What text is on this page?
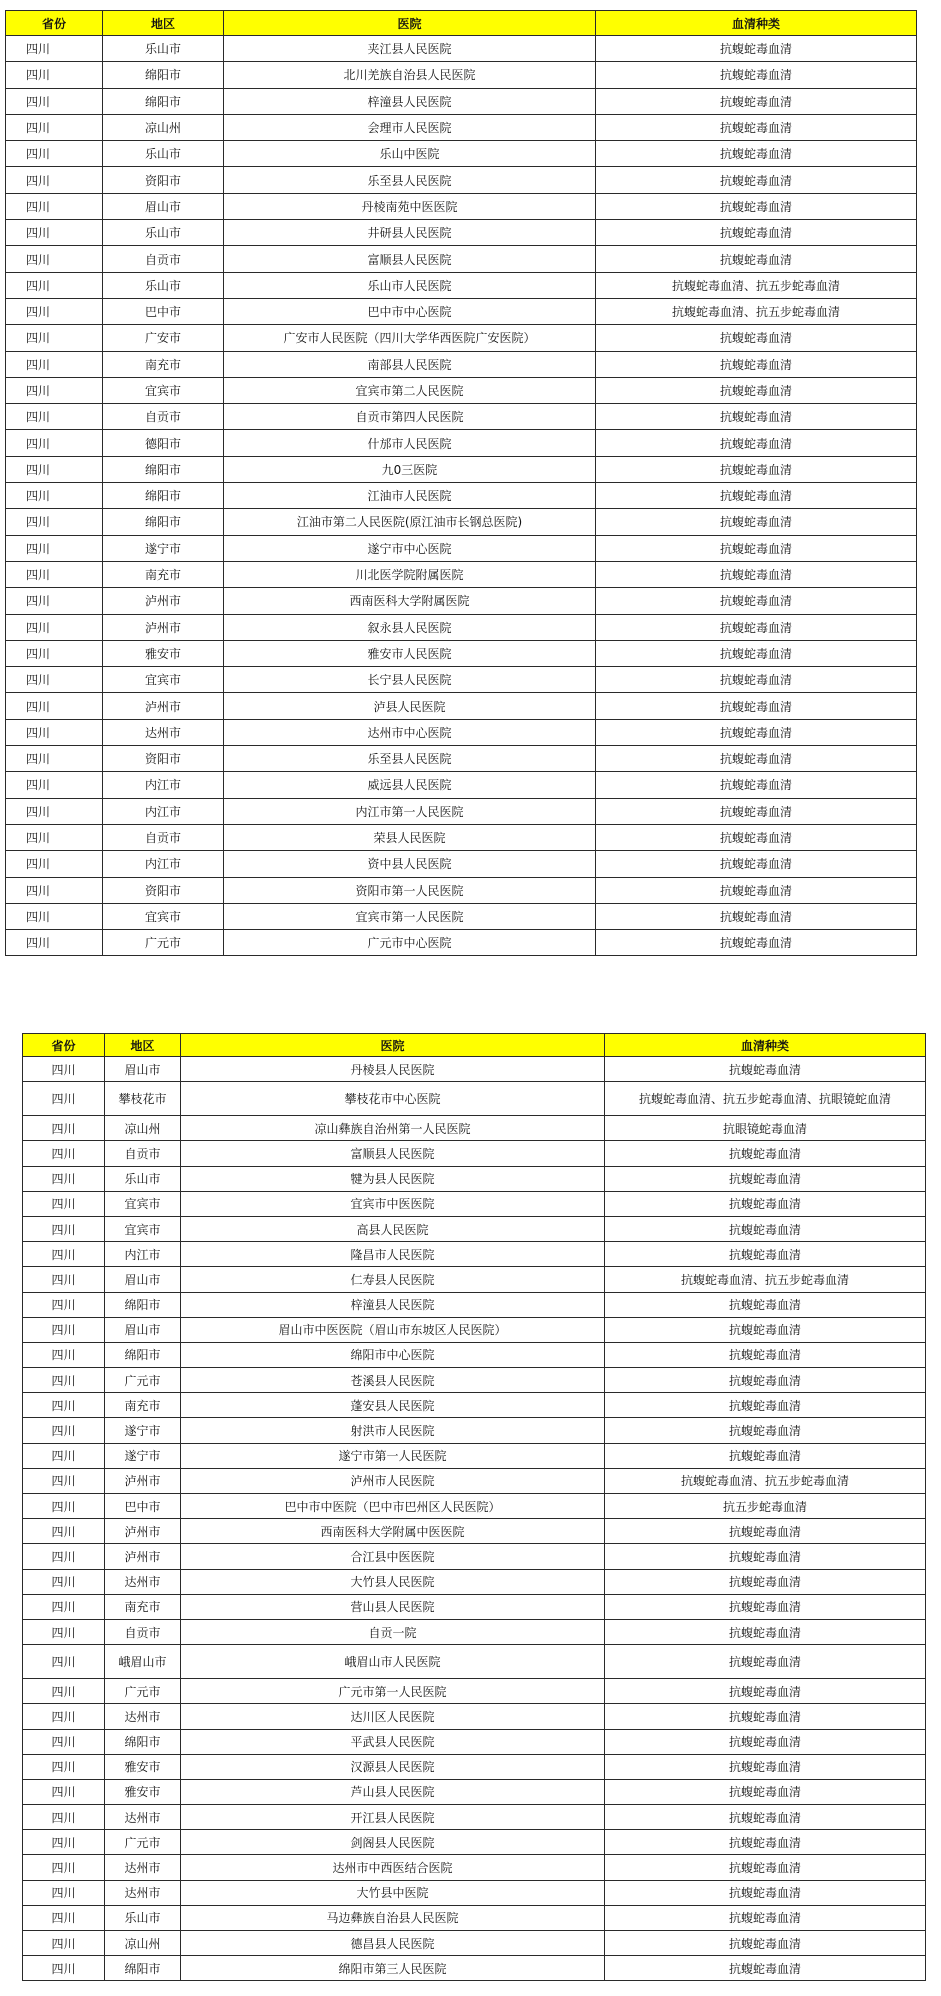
省份	地区	医院	血清种类
四川	乐山市	夹江县人民医院	抗蝮蛇毒血清
四川	绵阳市	北川羌族自治县人民医院	抗蝮蛇毒血清
四川	绵阳市	梓潼县人民医院	抗蝮蛇毒血清
四川	凉山州	会理市人民医院	抗蝮蛇毒血清
四川	乐山市	乐山中医院	抗蝮蛇毒血清
四川	资阳市	乐至县人民医院	抗蝮蛇毒血清
四川	眉山市	丹棱南苑中医医院	抗蝮蛇毒血清
四川	乐山市	井研县人民医院	抗蝮蛇毒血清
四川	自贡市	富顺县人民医院	抗蝮蛇毒血清
四川	乐山市	乐山市人民医院	抗蝮蛇毒血清、抗五步蛇毒血清
四川	巴中市	巴中市中心医院	抗蝮蛇毒血清、抗五步蛇毒血清
四川	广安市	广安市人民医院（四川大学华西医院广安医院）	抗蝮蛇毒血清
四川	南充市	南部县人民医院	抗蝮蛇毒血清
四川	宜宾市	宜宾市第二人民医院	抗蝮蛇毒血清
四川	自贡市	自贡市第四人民医院	抗蝮蛇毒血清
四川	德阳市	什邡市人民医院	抗蝮蛇毒血清
四川	绵阳市	九0三医院	抗蝮蛇毒血清
四川	绵阳市	江油市人民医院	抗蝮蛇毒血清
四川	绵阳市	江油市第二人民医院(原江油市长钢总医院)	抗蝮蛇毒血清
四川	遂宁市	遂宁市中心医院	抗蝮蛇毒血清
四川	南充市	川北医学院附属医院	抗蝮蛇毒血清
四川	泸州市	西南医科大学附属医院	抗蝮蛇毒血清
四川	泸州市	叙永县人民医院	抗蝮蛇毒血清
四川	雅安市	雅安市人民医院	抗蝮蛇毒血清
四川	宜宾市	长宁县人民医院	抗蝮蛇毒血清
四川	泸州市	泸县人民医院	抗蝮蛇毒血清
四川	达州市	达州市中心医院	抗蝮蛇毒血清
四川	资阳市	乐至县人民医院	抗蝮蛇毒血清
四川	内江市	威远县人民医院	抗蝮蛇毒血清
四川	内江市	内江市第一人民医院	抗蝮蛇毒血清
四川	自贡市	荣县人民医院	抗蝮蛇毒血清
四川	内江市	资中县人民医院	抗蝮蛇毒血清
四川	资阳市	资阳市第一人民医院	抗蝮蛇毒血清
四川	宜宾市	宜宾市第一人民医院	抗蝮蛇毒血清
四川	广元市	广元市中心医院	抗蝮蛇毒血清
省份	地区	医院	血清种类
四川	眉山市	丹棱县人民医院	抗蝮蛇毒血清
四川	攀枝花市	攀枝花市中心医院	抗蝮蛇毒血清、抗五步蛇毒血清、抗眼镜蛇血清
四川	凉山州	凉山彝族自治州第一人民医院	抗眼镜蛇毒血清
四川	自贡市	富顺县人民医院	抗蝮蛇毒血清
四川	乐山市	犍为县人民医院	抗蝮蛇毒血清
四川	宜宾市	宜宾市中医医院	抗蝮蛇毒血清
四川	宜宾市	高县人民医院	抗蝮蛇毒血清
四川	内江市	隆昌市人民医院	抗蝮蛇毒血清
四川	眉山市	仁寿县人民医院	抗蝮蛇毒血清、抗五步蛇毒血清
四川	绵阳市	梓潼县人民医院	抗蝮蛇毒血清
四川	眉山市	眉山市中医医院（眉山市东坡区人民医院）	抗蝮蛇毒血清
四川	绵阳市	绵阳市中心医院	抗蝮蛇毒血清
四川	广元市	苍溪县人民医院	抗蝮蛇毒血清
四川	南充市	蓬安县人民医院	抗蝮蛇毒血清
四川	遂宁市	射洪市人民医院	抗蝮蛇毒血清
四川	遂宁市	遂宁市第一人民医院	抗蝮蛇毒血清
四川	泸州市	泸州市人民医院	抗蝮蛇毒血清、抗五步蛇毒血清
四川	巴中市	巴中市中医院（巴中市巴州区人民医院）	抗五步蛇毒血清
四川	泸州市	西南医科大学附属中医医院	抗蝮蛇毒血清
四川	泸州市	合江县中医医院	抗蝮蛇毒血清
四川	达州市	大竹县人民医院	抗蝮蛇毒血清
四川	南充市	营山县人民医院	抗蝮蛇毒血清
四川	自贡市	自贡一院	抗蝮蛇毒血清
四川	峨眉山市	峨眉山市人民医院	抗蝮蛇毒血清
四川	广元市	广元市第一人民医院	抗蝮蛇毒血清
四川	达州市	达川区人民医院	抗蝮蛇毒血清
四川	绵阳市	平武县人民医院	抗蝮蛇毒血清
四川	雅安市	汉源县人民医院	抗蝮蛇毒血清
四川	雅安市	芦山县人民医院	抗蝮蛇毒血清
四川	达州市	开江县人民医院	抗蝮蛇毒血清
四川	广元市	剑阁县人民医院	抗蝮蛇毒血清
四川	达州市	达州市中西医结合医院	抗蝮蛇毒血清
四川	达州市	大竹县中医院	抗蝮蛇毒血清
四川	乐山市	马边彝族自治县人民医院	抗蝮蛇毒血清
四川	凉山州	德昌县人民医院	抗蝮蛇毒血清
四川	绵阳市	绵阳市第三人民医院	抗蝮蛇毒血清
